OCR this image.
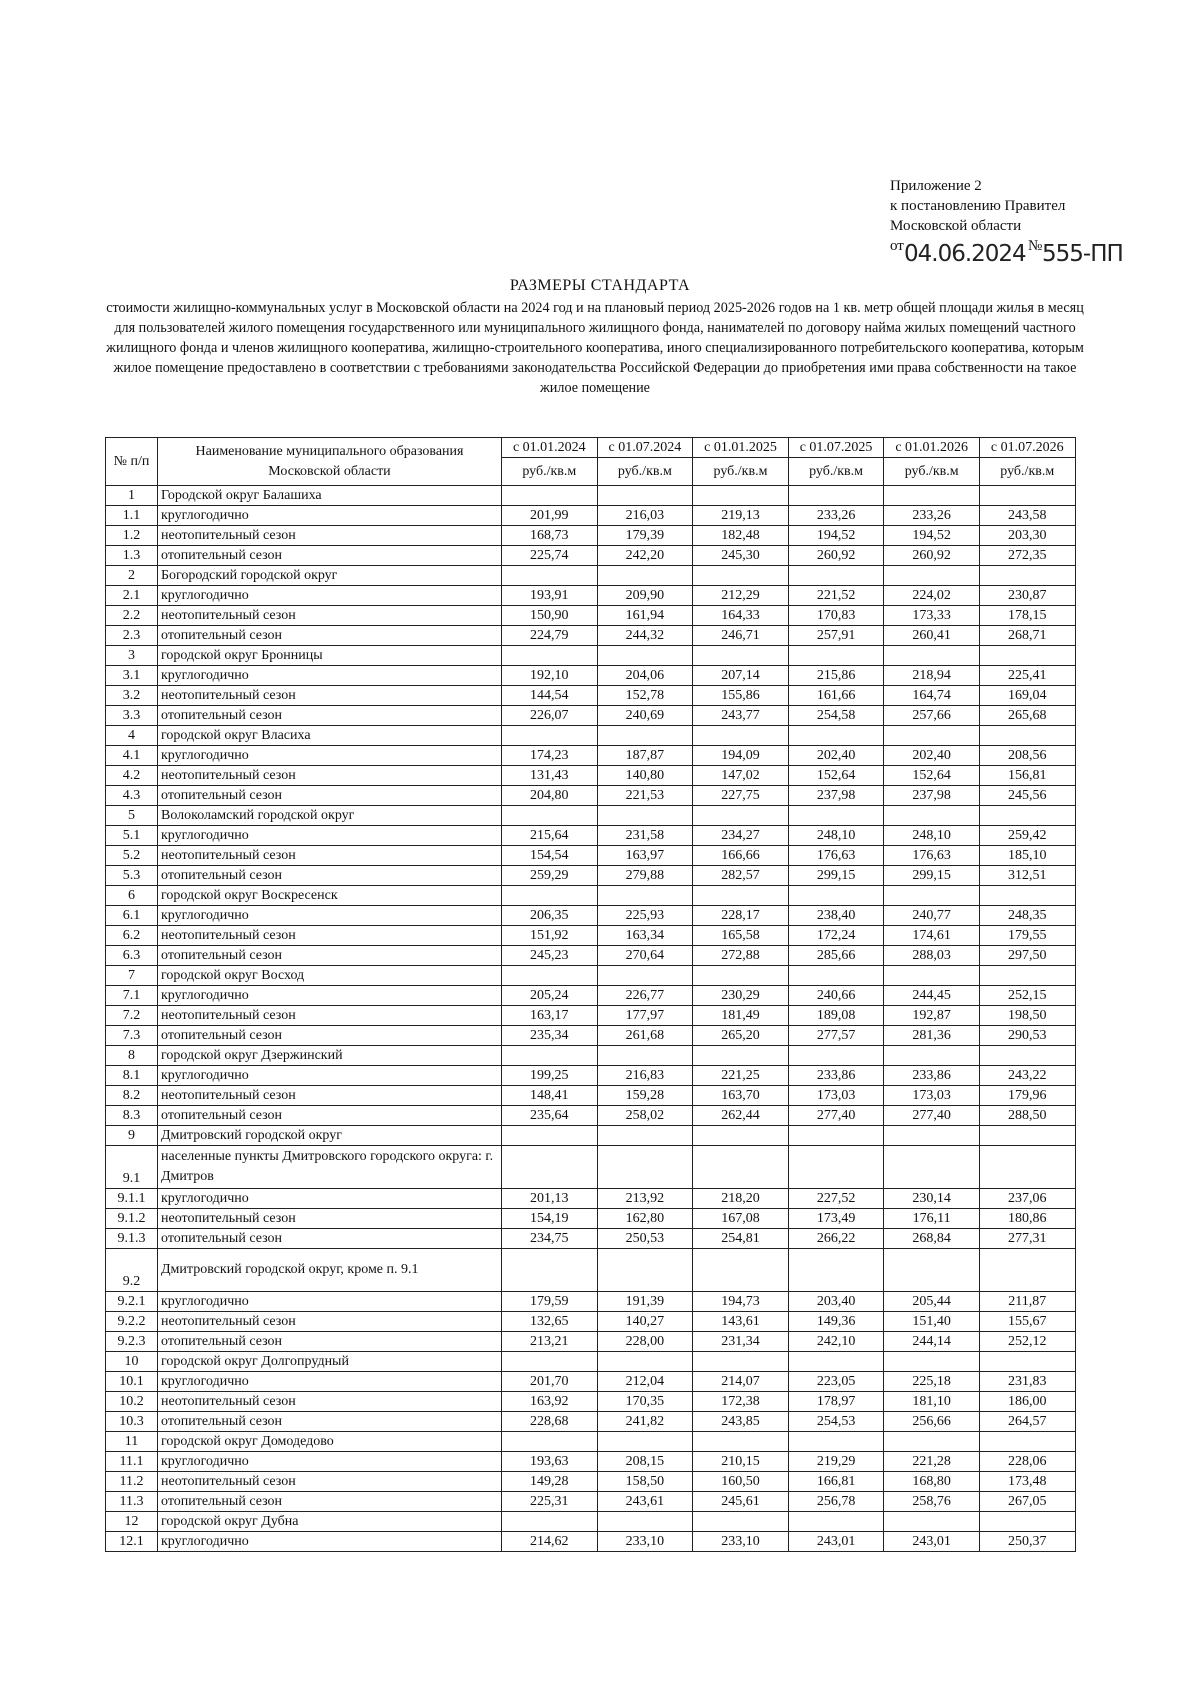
Приложение 2
к постановлению Правител
Московской области
от 04.06.2024 № 555-ПП
РАЗМЕРЫ СТАНДАРТА
стоимости жилищно-коммунальных услуг в Московской области на 2024 год и на плановый период 2025-2026 годов на 1 кв. метр общей площади жилья в месяц для пользователей жилого помещения государственного или муниципального жилищного фонда, нанимателей по договору найма жилых помещений частного жилищного фонда и членов жилищного кооператива, жилищно-строительного кооператива, иного специализированного потребительского кооператива, которым жилое помещение предоставлено в соответствии с требованиями законодательства Российской Федерации до приобретения ими права собственности на такое жилое помещение
№ п/п	Наименование муниципального образования Московской области	с 01.01.2024	с 01.07.2024	с 01.01.2025	с 01.07.2025	с 01.01.2026	с 01.07.2026
		руб./кв.м	руб./кв.м	руб./кв.м	руб./кв.м	руб./кв.м	руб./кв.м
1	Городской округ Балашиха						
1.1	круглогодично	201,99	216,03	219,13	233,26	233,26	243,58
1.2	неотопительный сезон	168,73	179,39	182,48	194,52	194,52	203,30
1.3	отопительный сезон	225,74	242,20	245,30	260,92	260,92	272,35
2	Богородский городской округ						
2.1	круглогодично	193,91	209,90	212,29	221,52	224,02	230,87
2.2	неотопительный сезон	150,90	161,94	164,33	170,83	173,33	178,15
2.3	отопительный сезон	224,79	244,32	246,71	257,91	260,41	268,71
3	городской округ Бронницы						
3.1	круглогодично	192,10	204,06	207,14	215,86	218,94	225,41
3.2	неотопительный сезон	144,54	152,78	155,86	161,66	164,74	169,04
3.3	отопительный сезон	226,07	240,69	243,77	254,58	257,66	265,68
4	городской округ Власиха						
4.1	круглогодично	174,23	187,87	194,09	202,40	202,40	208,56
4.2	неотопительный сезон	131,43	140,80	147,02	152,64	152,64	156,81
4.3	отопительный сезон	204,80	221,53	227,75	237,98	237,98	245,56
5	Волоколамский городской округ						
5.1	круглогодично	215,64	231,58	234,27	248,10	248,10	259,42
5.2	неотопительный сезон	154,54	163,97	166,66	176,63	176,63	185,10
5.3	отопительный сезон	259,29	279,88	282,57	299,15	299,15	312,51
6	городской округ Воскресенск						
6.1	круглогодично	206,35	225,93	228,17	238,40	240,77	248,35
6.2	неотопительный сезон	151,92	163,34	165,58	172,24	174,61	179,55
6.3	отопительный сезон	245,23	270,64	272,88	285,66	288,03	297,50
7	городской округ Восход						
7.1	круглогодично	205,24	226,77	230,29	240,66	244,45	252,15
7.2	неотопительный сезон	163,17	177,97	181,49	189,08	192,87	198,50
7.3	отопительный сезон	235,34	261,68	265,20	277,57	281,36	290,53
8	городской округ Дзержинский						
8.1	круглогодично	199,25	216,83	221,25	233,86	233,86	243,22
8.2	неотопительный сезон	148,41	159,28	163,70	173,03	173,03	179,96
8.3	отопительный сезон	235,64	258,02	262,44	277,40	277,40	288,50
9	Дмитровский городской округ						
9.1	населенные пункты Дмитровского городского округа: г. Дмитров						
9.1.1	круглогодично	201,13	213,92	218,20	227,52	230,14	237,06
9.1.2	неотопительный сезон	154,19	162,80	167,08	173,49	176,11	180,86
9.1.3	отопительный сезон	234,75	250,53	254,81	266,22	268,84	277,31
9.2	Дмитровский городской округ, кроме п. 9.1						
9.2.1	круглогодично	179,59	191,39	194,73	203,40	205,44	211,87
9.2.2	неотопительный сезон	132,65	140,27	143,61	149,36	151,40	155,67
9.2.3	отопительный сезон	213,21	228,00	231,34	242,10	244,14	252,12
10	городской округ Долгопрудный						
10.1	круглогодично	201,70	212,04	214,07	223,05	225,18	231,83
10.2	неотопительный сезон	163,92	170,35	172,38	178,97	181,10	186,00
10.3	отопительный сезон	228,68	241,82	243,85	254,53	256,66	264,57
11	городской округ Домодедово						
11.1	круглогодично	193,63	208,15	210,15	219,29	221,28	228,06
11.2	неотопительный сезон	149,28	158,50	160,50	166,81	168,80	173,48
11.3	отопительный сезон	225,31	243,61	245,61	256,78	258,76	267,05
12	городской округ Дубна						
12.1	круглогодично	214,62	233,10	233,10	243,01	243,01	250,37
